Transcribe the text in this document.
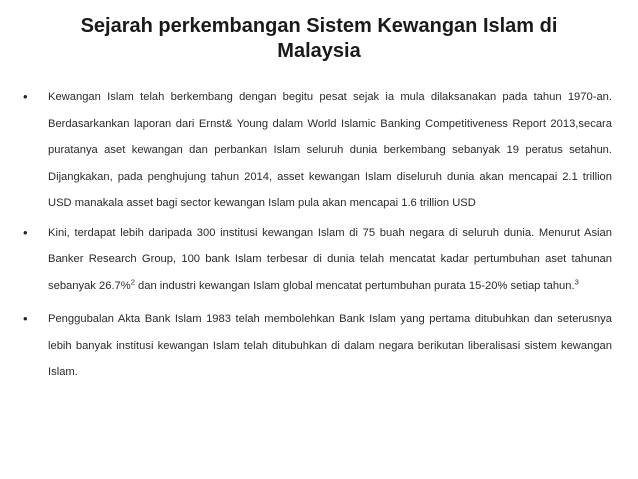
Sejarah perkembangan Sistem Kewangan Islam di
Malaysia
• Kewangan Islam telah berkembang dengan begitu pesat sejak ia mula dilaksanakan pada tahun 1970-an. Berdasarkankan laporan dari Ernst& Young dalam World Islamic Banking Competitiveness Report 2013,secara puratanya aset kewangan dan perbankan Islam seluruh dunia berkembang sebanyak 19 peratus setahun. Dijangkakan, pada penghujung tahun 2014, asset kewangan Islam diseluruh dunia akan mencapai 2.1 trillion USD manakala asset bagi sector kewangan Islam pula akan mencapai 1.6 trillion USD
• Kini, terdapat lebih daripada 300 institusi kewangan Islam di 75 buah negara di seluruh dunia. Menurut Asian Banker Research Group, 100 bank Islam terbesar di dunia telah mencatat kadar pertumbuhan aset tahunan sebanyak 26.7%$^2$ dan industri kewangan Islam global mencatat pertumbuhan purata 15-20% setiap tahun.$^3$
• Penggubalan Akta Bank Islam 1983 telah membolehkan Bank Islam yang pertama ditubuhkan dan seterusnya lebih banyak institusi kewangan Islam telah ditubuhkan di dalam negara berikutan liberalisasi sistem kewangan Islam.
